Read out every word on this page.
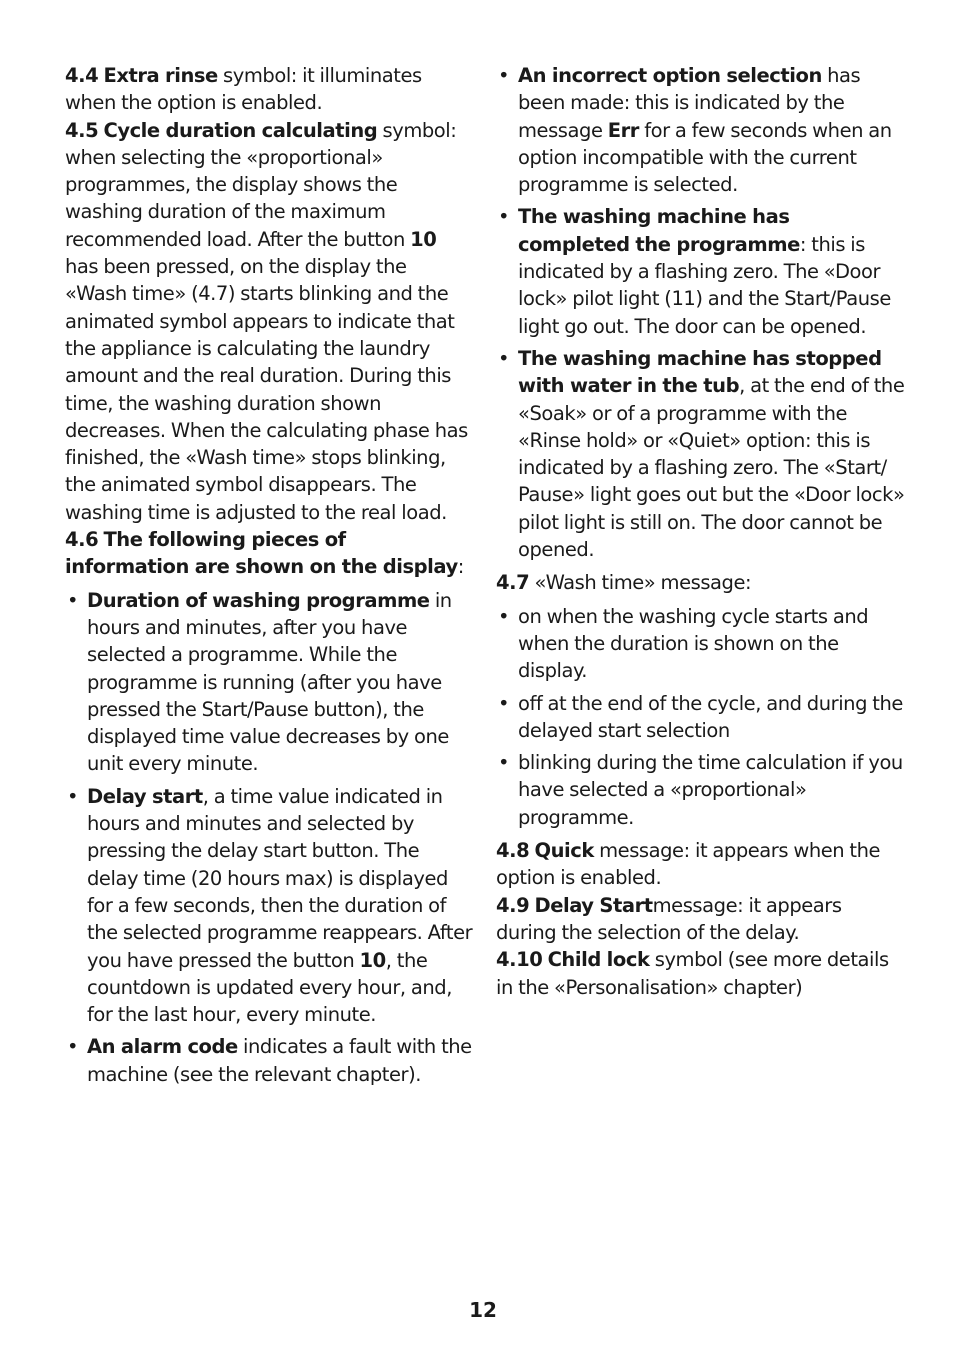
4.4 Extra rinse symbol: it illuminates when the option is enabled.

4.5 Cycle duration calculating symbol: when selecting the «proportional» programmes, the display shows the washing duration of the maximum recommended load. After the button 10 has been pressed, on the display the «Wash time» (4.7) starts blinking and the animated symbol appears to indicate that the appliance is calculating the laundry amount and the real duration. During this time, the washing duration shown decreases. When the calculating phase has finished, the «Wash time» stops blinking, the animated symbol disappears. The washing time is adjusted to the real load.

4.6 The following pieces of information are shown on the display:

• Duration of washing programme in hours and minutes, after you have selected a programme. While the programme is running (after you have pressed the Start/Pause button), the displayed time value decreases by one unit every minute.
• Delay start, a time value indicated in hours and minutes and selected by pressing the delay start button. The delay time (20 hours max) is displayed for a few seconds, then the duration of the selected programme reappears. After you have pressed the button 10, the countdown is updated every hour, and, for the last hour, every minute.
• An alarm code indicates a fault with the machine (see the relevant chapter).
• An incorrect option selection has been made: this is indicated by the message Err for a few seconds when an option incompatible with the current programme is selected.
• The washing machine has completed the programme: this is indicated by a flashing zero. The «Door lock» pilot light (11) and the Start/Pause light go out. The door can be opened.
• The washing machine has stopped with water in the tub, at the end of the «Soak» or of a programme with the «Rinse hold» or «Quiet» option: this is indicated by a flashing zero. The «Start/ Pause» light goes out but the «Door lock» pilot light is still on. The door cannot be opened.

4.7 «Wash time» message:

• on when the washing cycle starts and when the duration is shown on the display.
• off at the end of the cycle, and during the delayed start selection
• blinking during the time calculation if you have selected a «proportional» programme.

4.8 Quick message: it appears when the option is enabled.

4.9 Delay Startmessage: it appears during the selection of the delay.

4.10 Child lock symbol (see more details in the «Personalisation» chapter)

12
